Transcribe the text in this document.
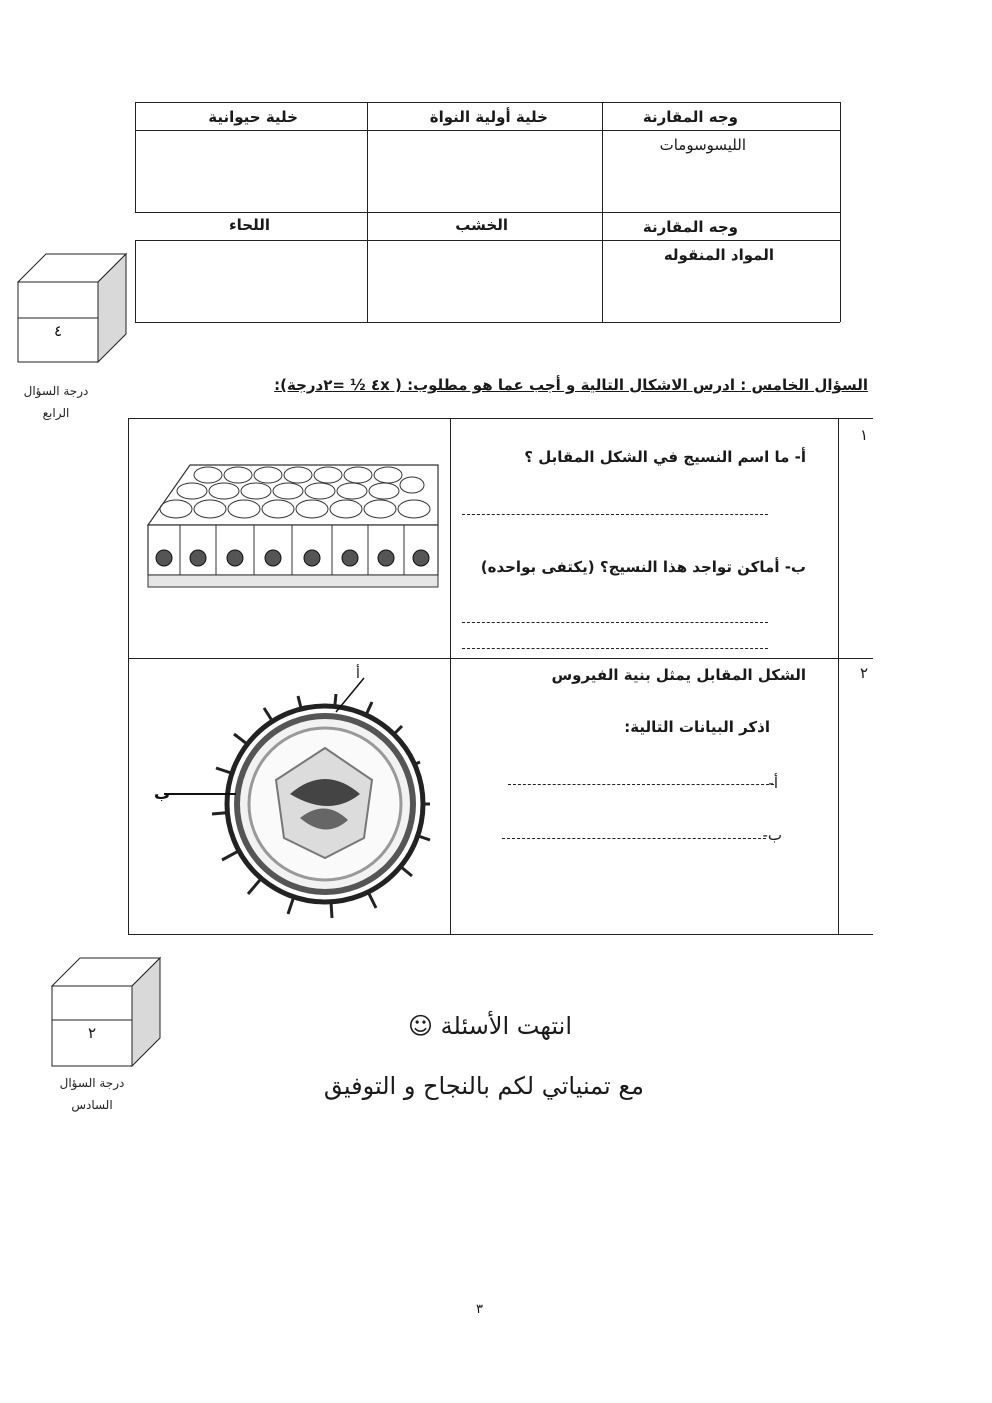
وجه المقارنة
خلية أولية النواة
خلية حيوانية
الليسوسومات
وجه المقارنة
الخشب
اللحاء
المواد المنقوله
٤
درجة السؤال
الرابع
السؤال الخامس : ادرس الاشكال التالية و أجب عما هو مطلوب: ( ٤x ½ =٢درجة):
١
أ- ما اسم النسيج في الشكل المقابل ؟
ب- أماكن تواجد هذا النسيج؟ (يكتفى بواحده)
٢
الشكل المقابل يمثل بنية الفيروس
اذكر البيانات التالية:
أ-
ب-
أ
ب
٢
درجة السؤال
السادس
انتهت الأسئلة ☺
مع تمنياتي لكم بالنجاح و التوفيق
٣
